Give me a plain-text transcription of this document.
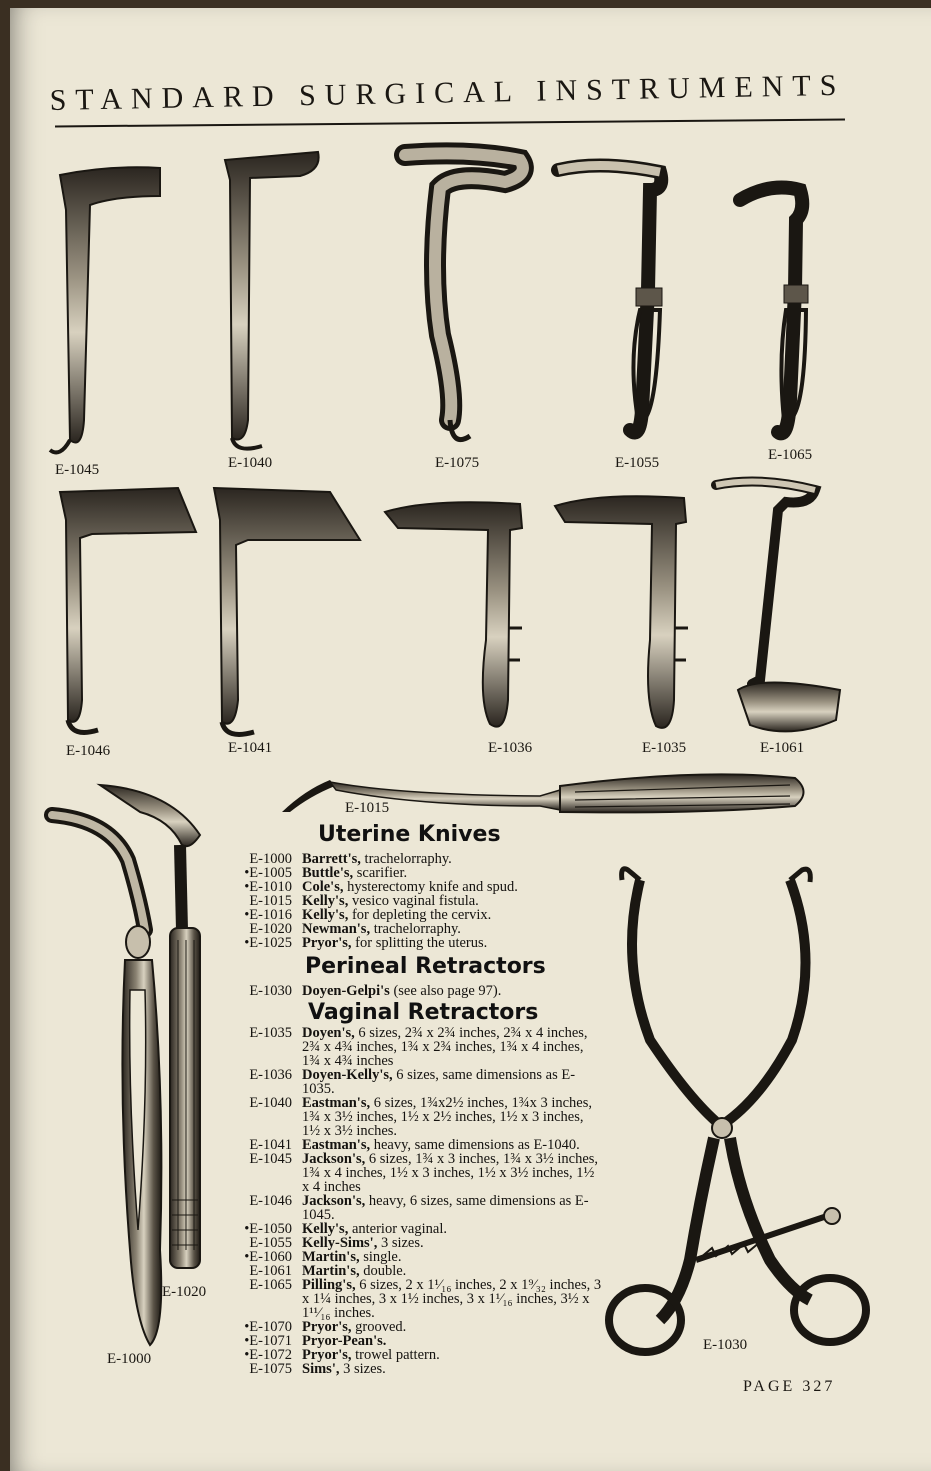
STANDARD SURGICAL INSTRUMENTS
E-1045	E-1040	E-1075	E-1055	E-1065
E-1046	E-1041	E-1036	E-1035	E-1061
E-1015
E-1020
E-1000
E-1030
Uterine Knives
E-1000 Barrett's, trachelorraphy.
•E-1005 Buttle's, scarifier.
•E-1010 Cole's, hysterectomy knife and spud.
E-1015 Kelly's, vesico vaginal fistula.
•E-1016 Kelly's, for depleting the cervix.
E-1020 Newman's, trachelorraphy.
•E-1025 Pryor's, for splitting the uterus.
Perineal Retractors
E-1030 Doyen-Gelpi's (see also page 97).
Vaginal Retractors
E-1035 Doyen's, 6 sizes, 2¾ x 2¾ inches, 2¾ x 4 inches, 2¾ x 4¾ inches, 1¾ x 2¾ inches, 1¾ x 4 inches, 1¾ x 4¾ inches
E-1036 Doyen-Kelly's, 6 sizes, same dimensions as E-1035.
E-1040 Eastman's, 6 sizes, 1¾x2½ inches, 1¾x 3 inches, 1¾ x 3½ inches, 1½ x 2½ inches, 1½ x 3 inches, 1½ x 3½ inches.
E-1041 Eastman's, heavy, same dimensions as E-1040.
E-1045 Jackson's, 6 sizes, 1¾ x 3 inches, 1¾ x 3½ inches, 1¾ x 4 inches, 1½ x 3 inches, 1½ x 3½ inches, 1½ x 4 inches
E-1046 Jackson's, heavy, 6 sizes, same dimensions as E-1045.
•E-1050 Kelly's, anterior vaginal.
E-1055 Kelly-Sims', 3 sizes.
•E-1060 Martin's, single.
E-1061 Martin's, double.
E-1065 Pilling's, 6 sizes, 2 x 1¹⁄₁₆ inches, 2 x 1⁹⁄₃₂ inches, 3 x 1¼ inches, 3 x 1½ inches, 3 x 1¹⁄₁₆ inches, 3½ x 1¹¹⁄₁₆ inches.
•E-1070 Pryor's, grooved.
•E-1071 Pryor-Pean's.
•E-1072 Pryor's, trowel pattern.
E-1075 Sims', 3 sizes.
PAGE 327
